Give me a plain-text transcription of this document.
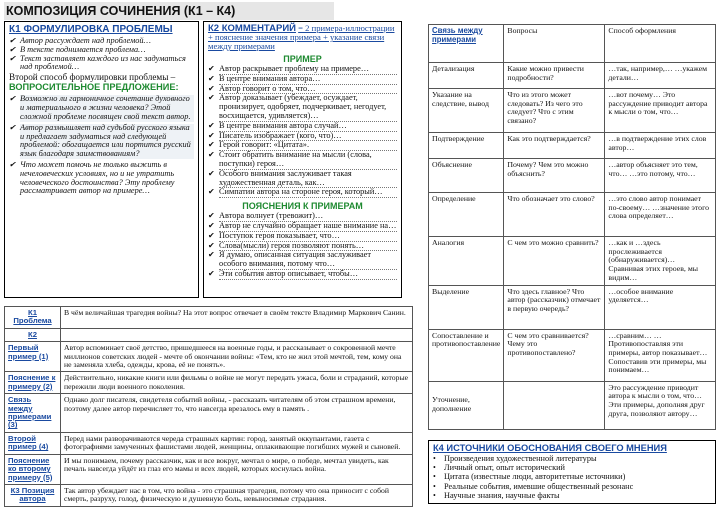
КОМПОЗИЦИЯ СОЧИНЕНИЯ (К1 – К4)
К1 ФОРМУЛИРОВКА ПРОБЛЕМЫ
✔ Автор рассуждает над проблемой…
✔ В тексте поднимается проблема…
✔ Текст заставляет каждого из нас задуматься над проблемой…
Второй способ формулировки проблемы – ВОПРОСИТЕЛЬНОЕ ПРЕДЛОЖЕНИЕ:
✔ Возможно ли гармоничное сочетание духовного и материального в жизни человека? Этой сложной проблеме посвящен свой текст автор.
✔ Автор размышляет над судьбой русского языка и предлагает задуматься над следующей проблемой: обогащается или портится русский язык благодаря заимствованиям?
✔ Что может помочь не только выжить в нечеловеческих условиях, но и не утратить человеческого достоинства? Эту проблему рассматривает автор на примере…
К2 КОММЕНТАРИЙ = 2 примера-иллюстрации + пояснение значения примера + указание связи между примерами
ПРИМЕР
✔ Автор раскрывает проблему на примере…
✔ В центре внимания автора…
✔ Автор говорит о том, что…
✔ Автор доказывает (убеждает, осуждает, пронизирует, одобряет, подчеркивает, негодует, восхищается, удивляется)…
✔ В центре внимания автора случай…
✔ Писатель изображает (кого, что)…
✔ Герой говорит: «Цитата».
✔ Стоит обратить внимание на мысли (слова, поступки) героя…
✔ Особого внимания заслуживает такая художественная деталь, как…
✔ Симпатии автора на стороне героя, который…
ПОЯСНЕНИЯ К ПРИМЕРАМ
✔ Автора волнует (тревожит)…
✔ Автор не случайно обращает наше внимание на…
✔ Поступок героя показывает, что…
✔ Слова(мысли) героя позволяют понять…
✔ Я думаю, описанная ситуация заслуживает особого внимания, потому что…
✔ Эти события автор описывает, чтобы…
К1 Проблема	В чём величайшая трагедия войны? На этот вопрос отвечает в своём тексте Владимир Маркович Санин.
К2	
Первый пример (1)	Автор вспоминает своё детство, пришедшееся на военные годы, и рассказывает о сокровенной мечте миллионов советских людей - мечте об окончании войны: «Тем, кто не жил этой мечтой, тем, кому она не заменяла хлеба, одежды, крова, её не понять».
Пояснение к примеру (2)	Действительно, никакие книги или фильмы о войне не могут передать ужаса, боли и страданий, которые пережили люди военного поколения.
Связь между примерами (3)	Однако долг писателя, свидетеля событий войны, - рассказать читателям об этом страшном времени, поэтому далее автор перечисляет то, что навсегда врезалось ему в память .
Второй пример (4)	Перед нами разворачиваются череда страшных картин: город, занятый оккупантами, газета с фотографиями замученных фашистами людей, женщины, оплакивающие погибших мужей и сыновей.
Пояснение ко второму примеру (5)	И мы понимаем, почему рассказчик, как и все вокруг, мечтал о мире, о победе, мечтал увидеть, как печаль навсегда уйдёт из глаз его мамы и всех людей, которых коснулась война.
К3 Позиция автора	Так автор убеждает нас в том, что война - это страшная трагедия, потому что она приносит с собой смерть, разруху, голод, физическую и душевную боль, невыносимые страдания.
Связь между примерами	Вопросы	Способ оформления
Детализация	Какие можно привести подробности?	…так, например,… …укажем детали…
Указание на следствие, вывод	Что из этого может следовать? Из чего это следует? Что с этим связано?	…вот почему… Это рассуждение приводит автора к мысли о том, что…
Подтверждение	Как это подтверждается?	…в подтверждение этих слов автор…
Объяснение	Почему? Чем это можно объяснить?	…автор объясняет это тем, что… …это потому, что…
Определение	Что обозначает это слово?	…это слово автор понимает по-своему… …значение этого слова определяет…
Аналогия	С чем это можно сравнить?	…как и …здесь прослеживается (обнаруживается)… Сравнивая этих героев, мы видим…
Выделение	Что здесь главное? Что автор (рассказчик) отмечает в первую очередь?	…особое внимание уделяется…
Сопоставление и противопоставление	С чем это сравнивается? Чему это противопоставлено?	…сравним… …Противопоставляя эти примеры, автор показывает… Сопоставив эти примеры, мы понимаем…
Уточнение, дополнение		Это рассуждение приводит автора к мысли о том, что… Эти примеры, дополняя друг друга, позволяют автору…
К4 ИСТОЧНИКИ ОБОСНОВАНИЯ СВОЕГО МНЕНИЯ
• Произведения художественной литературы
• Личный опыт, опыт исторический
• Цитата (известные люди, авторитетные источники)
• Реальные события, имевшие общественный резонанс
• Научные знания, научные факты
